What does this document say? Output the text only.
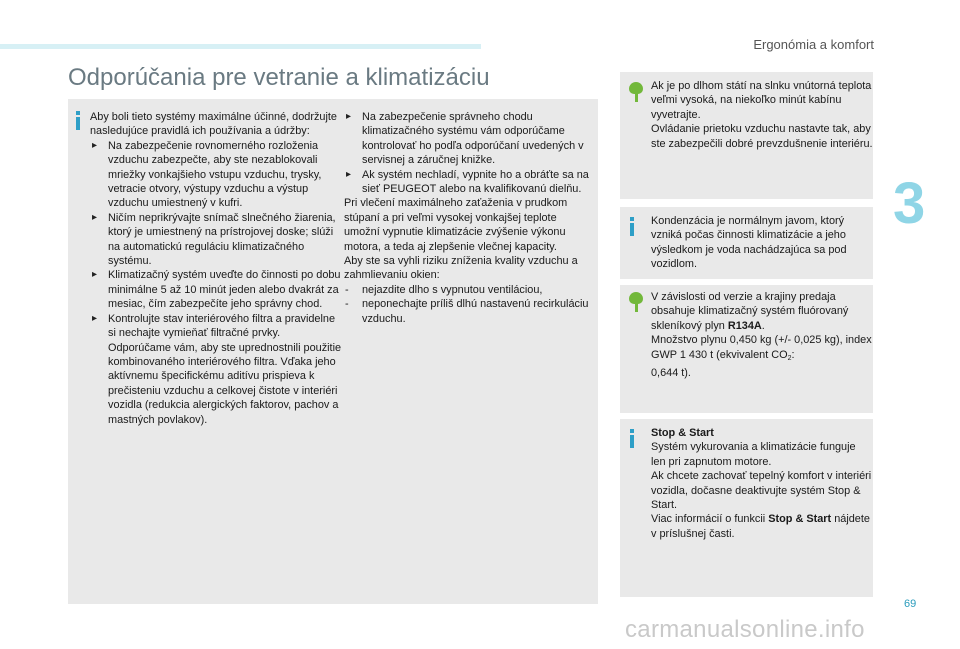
Ergonómia a komfort
Odporúčania pre vetranie a klimatizáciu
3
Aby boli tieto systémy maximálne účinné, dodržujte nasledujúce pravidlá ich používania a údržby:
▸ Na zabezpečenie rovnomerného rozloženia vzduchu zabezpečte, aby ste nezablokovali mriežky vonkajšieho vstupu vzduchu, trysky, vetracie otvory, výstupy vzduchu a výstup vzduchu umiestnený v kufri.
▸ Ničím neprikrývajte snímač slnečného žiarenia, ktorý je umiestnený na prístrojovej doske; slúži na automatickú reguláciu klimatizačného systému.
▸ Klimatizačný systém uveďte do činnosti po dobu minimálne 5 až 10 minút jeden alebo dvakrát za mesiac, čím zabezpečíte jeho správny chod.
▸ Kontrolujte stav interiérového filtra a pravidelne si nechajte vymieňať filtračné prvky. Odporúčame vám, aby ste uprednostnili použitie kombinovaného interiérového filtra. Vďaka jeho aktívnemu špecifickému aditívu prispieva k prečisteniu vzduchu a celkovej čistote v interiéri vozidla (redukcia alergických faktorov, pachov a mastných povlakov).
▸ Na zabezpečenie správneho chodu klimatizačného systému vám odporúčame kontrolovať ho podľa odporúčaní uvedených v servisnej a záručnej knižke.
▸ Ak systém nechladí, vypnite ho a obráťte sa na sieť PEUGEOT alebo na kvalifikovanú dielňu.
Pri vlečení maximálneho zaťaženia v prudkom stúpaní a pri veľmi vysokej vonkajšej teplote umožní vypnutie klimatizácie zvýšenie výkonu motora, a teda aj zlepšenie vlečnej kapacity.
Aby ste sa vyhli riziku zníženia kvality vzduchu a zahmlievaniu okien:
- nejazdite dlho s vypnutou ventiláciou,
- neponechajte príliš dlhú nastavenú recirkuláciu vzduchu.
Ak je po dlhom státí na slnku vnútorná teplota veľmi vysoká, na niekoľko minút kabínu vyvetrajte.
Ovládanie prietoku vzduchu nastavte tak, aby ste zabezpečili dobré prevzdušnenie interiéru.
Kondenzácia je normálnym javom, ktorý vzniká počas činnosti klimatizácie a jeho výsledkom je voda nachádzajúca sa pod vozidlom.
V závislosti od verzie a krajiny predaja obsahuje klimatizačný systém fluórovaný skleníkový plyn R134A.
Množstvo plynu 0,450 kg (+/- 0,025 kg), index GWP 1 430 t (ekvivalent $CO_2$:
0,644 t).
Stop & Start
Systém vykurovania a klimatizácie funguje len pri zapnutom motore.
Ak chcete zachovať tepelný komfort v interiéri vozidla, dočasne deaktivujte systém Stop & Start.
Viac informácií o funkcii Stop & Start nájdete v príslušnej časti.
69
carmanualsonline.info
